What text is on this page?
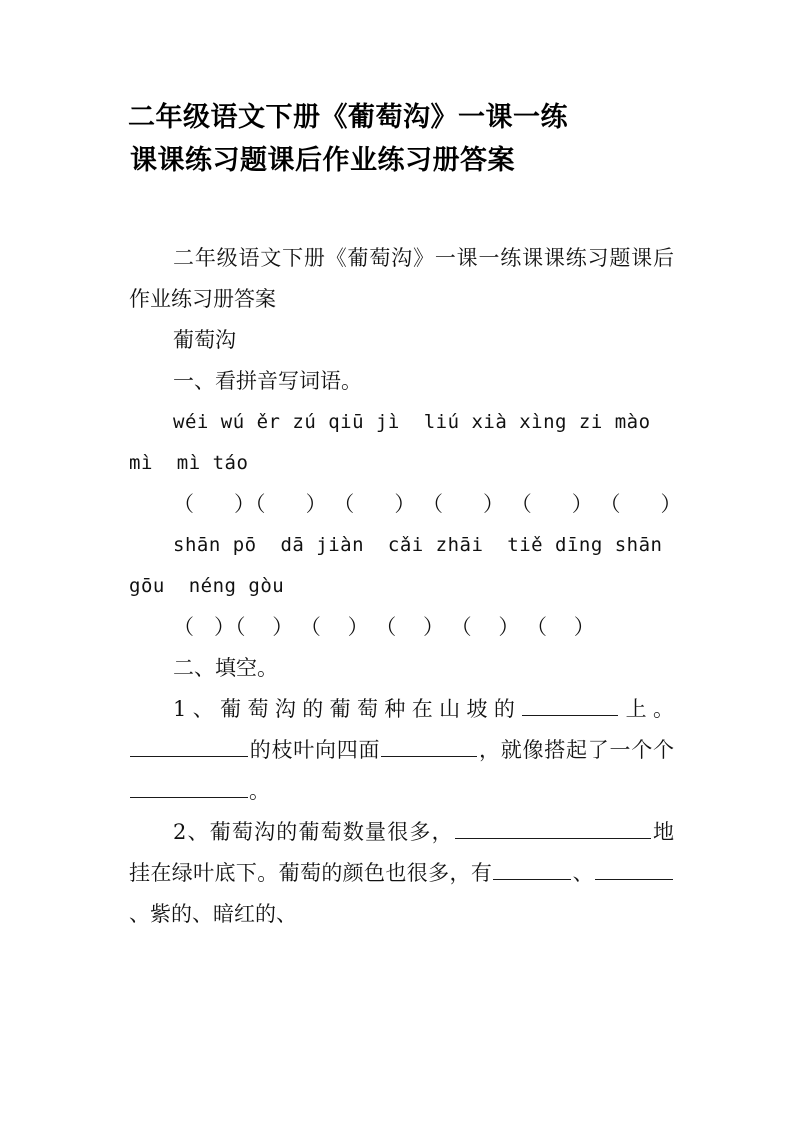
二年级语文下册《葡萄沟》一课一练
课课练习题课后作业练习册答案

二年级语文下册《葡萄沟》一课一练课课练习题课后作业练习册答案

葡萄沟

一、看拼音写词语。

wéi wú ěr zú qiū jì  liú xià xìng zi mào mì  mì táo

（      ）（      ） （      ） （      ） （      ） （      ）

shān pō  dā jiàn  cǎi zhāi  tiě dīng shān gōu  néng gòu

（   ）（    ） （    ） （    ） （    ） （    ）

二、填空。

1、葡萄沟的葡萄种在山坡的	上。的枝叶向四面	，就像搭起了一个个。

2、葡萄沟的葡萄数量很多，	地挂在绿叶底下。葡萄的颜色也很多，有	、、紫的、暗红的、
